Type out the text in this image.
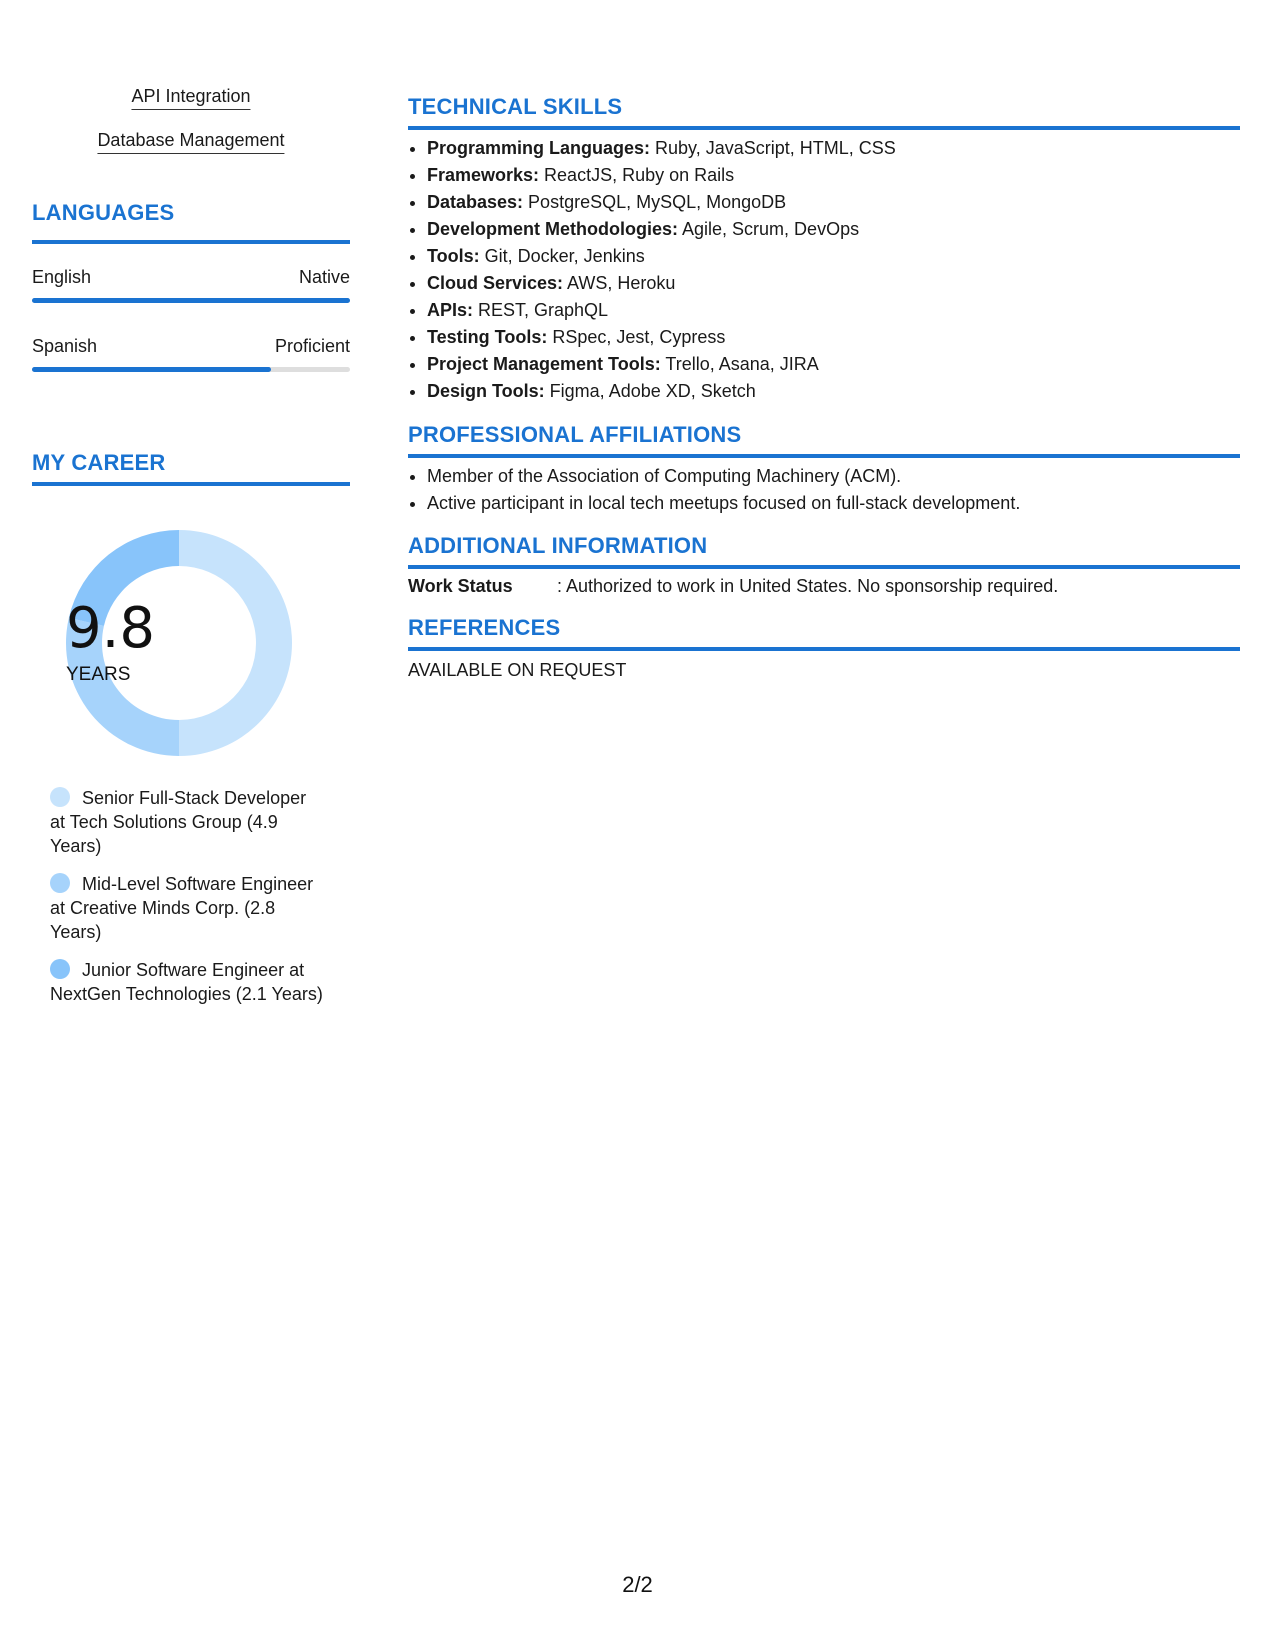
API Integration
Database Management
LANGUAGES
English	Native
Spanish	Proficient
MY CAREER
9.8
YEARS
Senior Full-Stack Developer at Tech Solutions Group (4.9 Years)
Mid-Level Software Engineer at Creative Minds Corp. (2.8 Years)
Junior Software Engineer at NextGen Technologies (2.1 Years)
TECHNICAL SKILLS
• Programming Languages: Ruby, JavaScript, HTML, CSS
• Frameworks: ReactJS, Ruby on Rails
• Databases: PostgreSQL, MySQL, MongoDB
• Development Methodologies: Agile, Scrum, DevOps
• Tools: Git, Docker, Jenkins
• Cloud Services: AWS, Heroku
• APIs: REST, GraphQL
• Testing Tools: RSpec, Jest, Cypress
• Project Management Tools: Trello, Asana, JIRA
• Design Tools: Figma, Adobe XD, Sketch
PROFESSIONAL AFFILIATIONS
• Member of the Association of Computing Machinery (ACM).
• Active participant in local tech meetups focused on full-stack development.
ADDITIONAL INFORMATION
Work Status : Authorized to work in United States. No sponsorship required.
REFERENCES
AVAILABLE ON REQUEST
2/2
